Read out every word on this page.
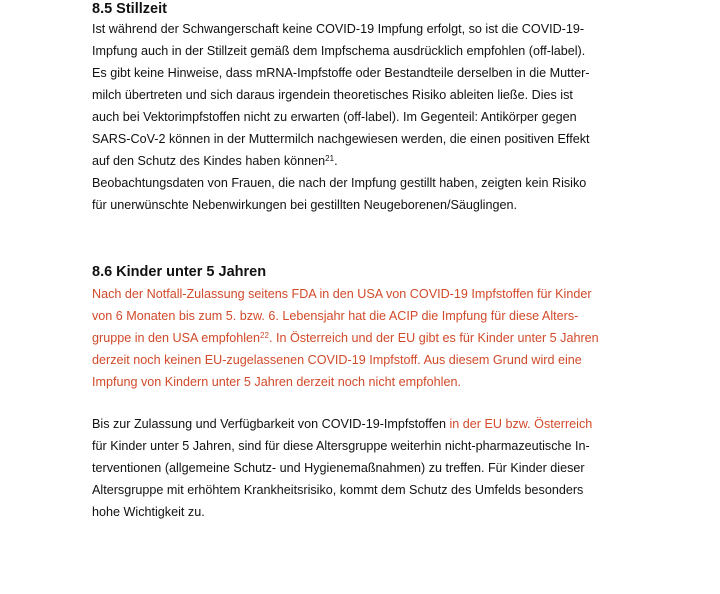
8.5 Stillzeit
Ist während der Schwangerschaft keine COVID-19 Impfung erfolgt, so ist die COVID-19-
Impfung auch in der Stillzeit gemäß dem Impfschema ausdrücklich empfohlen (off-label).
Es gibt keine Hinweise, dass mRNA-Impfstoffe oder Bestandteile derselben in die Mutter-
milch übertreten und sich daraus irgendein theoretisches Risiko ableiten ließe. Dies ist
auch bei Vektorimpfstoffen nicht zu erwarten (off-label). Im Gegenteil: Antikörper gegen
SARS-CoV-2 können in der Muttermilch nachgewiesen werden, die einen positiven Effekt
auf den Schutz des Kindes haben können$^{21}$.
Beobachtungsdaten von Frauen, die nach der Impfung gestillt haben, zeigten kein Risiko
für unerwünschte Nebenwirkungen bei gestillten Neugeborenen/Säuglingen.
8.6 Kinder unter 5 Jahren
Nach der Notfall-Zulassung seitens FDA in den USA von COVID-19 Impfstoffen für Kinder
von 6 Monaten bis zum 5. bzw. 6. Lebensjahr hat die ACIP die Impfung für diese Alters-
gruppe in den USA empfohlen$^{22}$. In Österreich und der EU gibt es für Kinder unter 5 Jahren
derzeit noch keinen EU-zugelassenen COVID-19 Impfstoff. Aus diesem Grund wird eine
Impfung von Kindern unter 5 Jahren derzeit noch nicht empfohlen.
Bis zur Zulassung und Verfügbarkeit von COVID-19-Impfstoffen in der EU bzw. Österreich
für Kinder unter 5 Jahren, sind für diese Altersgruppe weiterhin nicht-pharmazeutische In-
terventionen (allgemeine Schutz- und Hygienemaßnahmen) zu treffen. Für Kinder dieser
Altersgruppe mit erhöhtem Krankheitsrisiko, kommt dem Schutz des Umfelds besonders
hohe Wichtigkeit zu.
